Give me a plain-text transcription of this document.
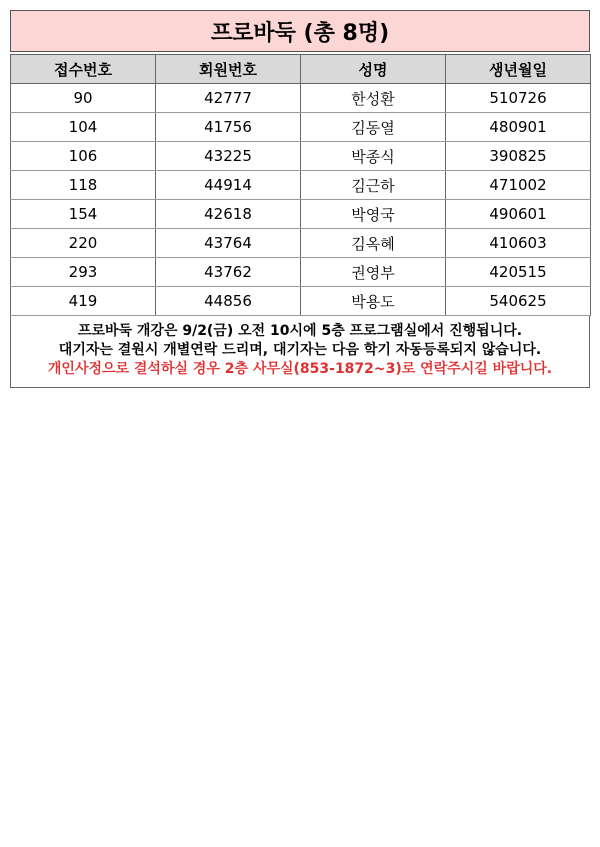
프로바둑 (총 8명)
접수번호	회원번호	성명	생년월일
90	42777	한성환	510726
104	41756	김동열	480901
106	43225	박종식	390825
118	44914	김근하	471002
154	42618	박영국	490601
220	43764	김옥혜	410603
293	43762	권영부	420515
419	44856	박용도	540625
프로바둑 개강은 9/2(금) 오전 10시에 5층 프로그램실에서 진행됩니다.
대기자는 결원시 개별연락 드리며, 대기자는 다음 학기 자동등록되지 않습니다.
개인사정으로 결석하실 경우 2층 사무실(853-1872~3)로 연락주시길 바랍니다.
